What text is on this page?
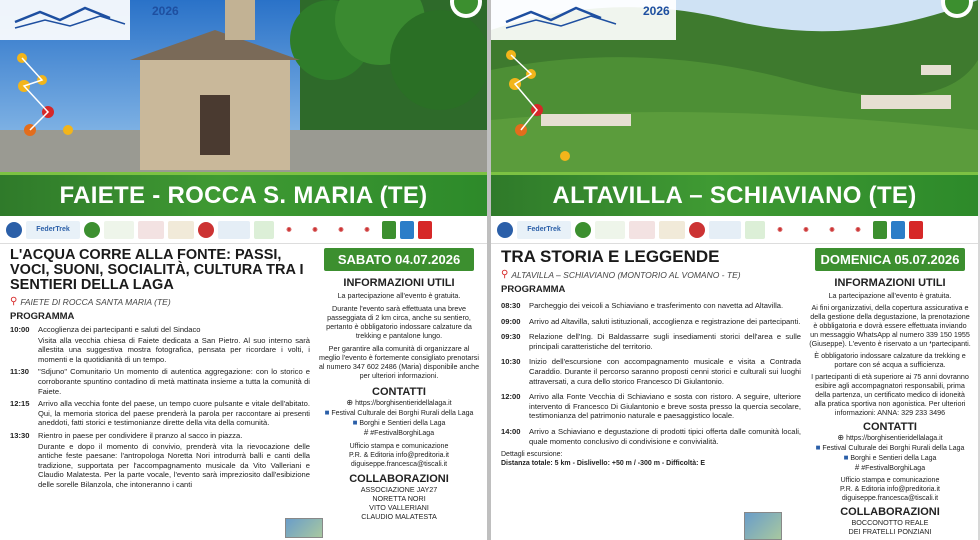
2026
FAIETE - ROCCA S. MARIA (TE)
FederTrek	◉	◉	◉	◉
L'ACQUA CORRE ALLA FONTE: PASSI, VOCI, SUONI, SOCIALITÀ, CULTURA TRA I SENTIERI DELLA LAGA
⚲ FAIETE DI ROCCA SANTA MARIA (TE)
PROGRAMMA
10:00	Accoglienza dei partecipanti e saluti del Sindaco
Visita alla vecchia chiesa di Faiete dedicata a San Pietro. Al suo interno sarà allestita una suggestiva mostra fotografica, pensata per ricordare i volti, i momenti e la quotidianità di un tempo.
11:30	"Sdjuno" Comunitario Un momento di autentica aggregazione: con lo storico e corroborante spuntino contadino di metà mattinata insieme a tutta la comunità di Faiete.
12:15	Arrivo alla vecchia fonte del paese, un tempo cuore pulsante e vitale dell'abitato. Qui, la memoria storica del paese prenderà la parola per raccontare ai presenti aneddoti, fatti storici e testimonianze dirette della vita della comunità.
13:30	Rientro in paese per condividere il pranzo al sacco in piazza.
Durante e dopo il momento di convivio, prenderà vita la rievocazione delle antiche feste paesane: l'antropologa Noretta Nori introdurrà balli e canti della tradizione, supportata per l'accompagnamento musicale da Vito Valleriani e Claudio Malatesta. Per la parte vocale, l'evento sarà impreziosito dall'esibizione delle sorelle Bilanzola, che intoneranno i canti
SABATO 04.07.2026
INFORMAZIONI UTILI
La partecipazione all'evento è gratuita.
Durante l'evento sarà effettuata una breve passeggiata di 2 km circa, anche su sentiero, pertanto è obbligatorio indossare calzature da trekking e pantalone lungo.
Per garantire alla comunità di organizzare al meglio l'evento è fortemente consigliato prenotarsi al numero 347 602 2486 (Maria) disponibile anche per ulteriori informazioni.
CONTATTI
⊕ https://borghisentieridellalaga.it
■ Festival Culturale dei Borghi Rurali della Laga
■ Borghi e Sentieri della Laga
# #FestivalBorghiLaga
Ufficio stampa e comunicazione
P.R. & Editoria info@preditoria.it
diguiseppe.francesca@tiscali.it
COLLABORAZIONI
ASSOCIAZIONE JAY27
NORETTA NORI
VITO VALLERIANI
CLAUDIO MALATESTA
2026
ALTAVILLA – SCHIAVIANO (TE)
FederTrek	◉	◉	◉	◉
TRA STORIA E LEGGENDE
⚲ ALTAVILLA – SCHIAVIANO (MONTORIO AL VOMANO - TE)
PROGRAMMA
08:30	Parcheggio dei veicoli a Schiaviano e trasferimento con navetta ad Altavilla.
09:00	Arrivo ad Altavilla, saluti istituzionali, accoglienza e registrazione dei partecipanti.
09:30	Relazione dell'Ing. Di Baldassarre sugli insediamenti storici dell'area e sulle principali caratteristiche del territorio.
10:30	Inizio dell'escursione con accompagnamento musicale e visita a Contrada Caraddio. Durante il percorso saranno proposti cenni storici e culturali sui luoghi attraversati, a cura dello storico Francesco Di Giulantonio.
12:00	Arrivo alla Fonte Vecchia di Schiaviano e sosta con ristoro. A seguire, ulteriore intervento di Francesco Di Giulantonio e breve sosta presso la quercia secolare, testimonianza del patrimonio naturale e paesaggistico locale.
14:00	Arrivo a Schiaviano e degustazione di prodotti tipici offerta dalle comunità locali, quale momento conclusivo di condivisione e convivialità.
Dettagli escursione:
Distanza totale: 5 km - Dislivello: +50 m / -300 m - Difficoltà: E
DOMENICA 05.07.2026
INFORMAZIONI UTILI
La partecipazione all'evento è gratuita.
Ai fini organizzativi, della copertura assicurativa e della gestione della degustazione, la prenotazione è obbligatoria e dovrà essere effettuata inviando un messaggio WhatsApp al numero 339 150 1955 (Giuseppe). L'evento è riservato a un ❛partecipanti.
È obbligatorio indossare calzature da trekking e portare con sé acqua a sufficienza.
I partecipanti di età superiore ai 75 anni dovranno esibire agli accompagnatori responsabili, prima della partenza, un certificato medico di idoneità alla pratica sportiva non agonistica. Per ulteriori informazioni: ANNA: 329 233 3496
CONTATTI
⊕ https://borghisentieridellalaga.it
■ Festival Culturale dei Borghi Rurali della Laga
■ Borghi e Sentieri della Laga
# #FestivalBorghiLaga
Ufficio stampa e comunicazione
P.R. & Editoria info@preditoria.it
diguiseppe.francesca@tiscali.it
COLLABORAZIONI
BOCCONOTTO REALE
DEI FRATELLI PONZIANI
